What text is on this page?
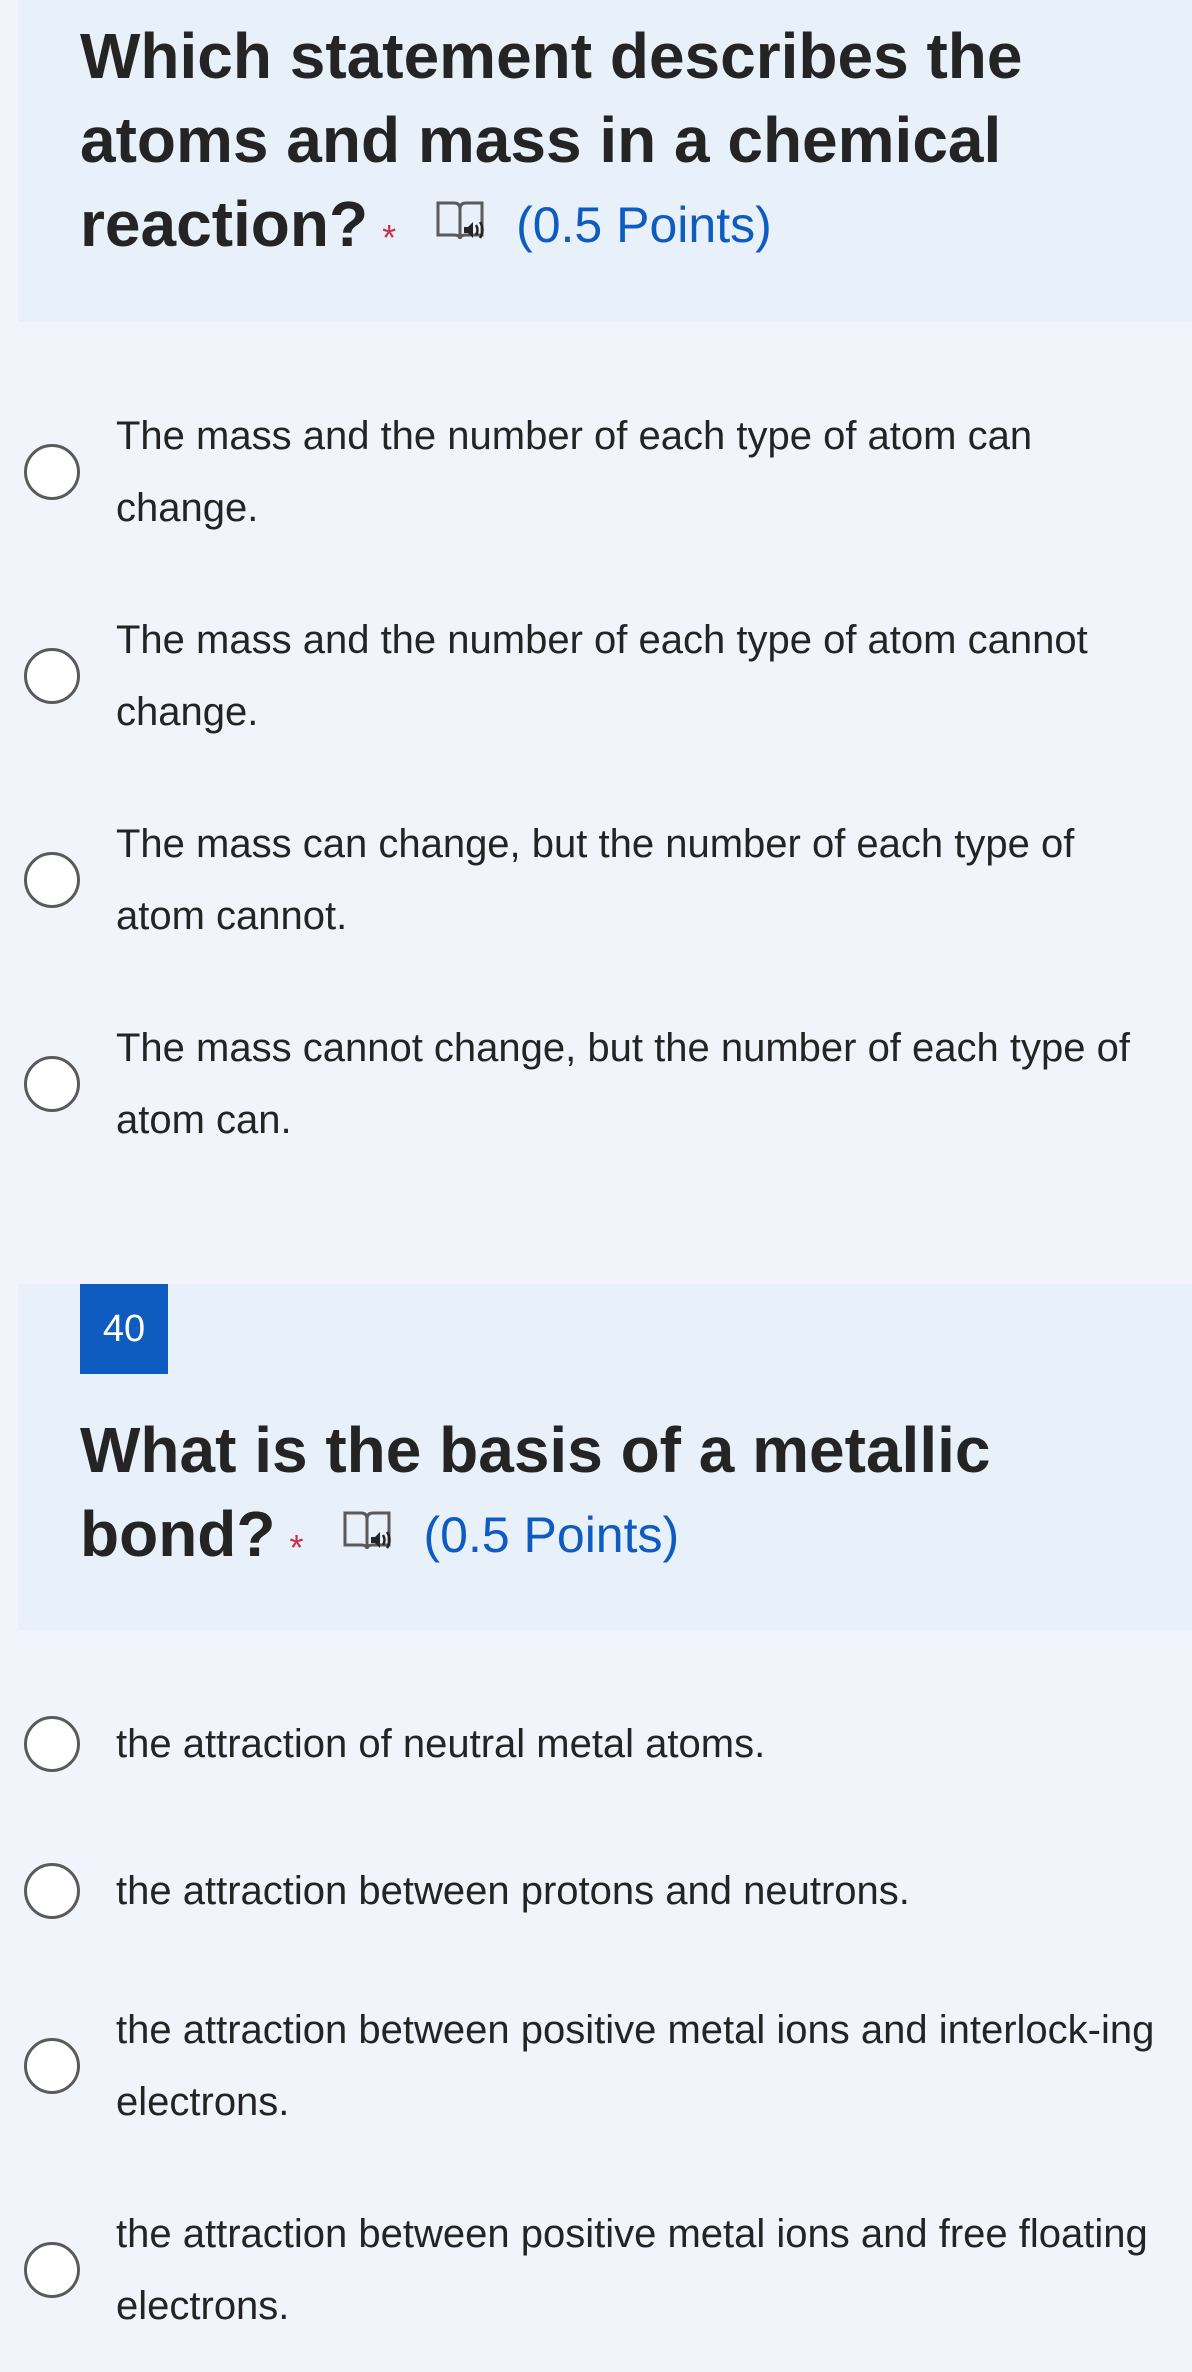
Which statement describes the atoms and mass in a chemical reaction? * (0.5 Points)
The mass and the number of each type of atom can change.
The mass and the number of each type of atom cannot change.
The mass can change, but the number of each type of atom cannot.
The mass cannot change, but the number of each type of atom can.
40
What is the basis of a metallic bond? * (0.5 Points)
the attraction of neutral metal atoms.
the attraction between protons and neutrons.
the attraction between positive metal ions and interlock-ing electrons.
the attraction between positive metal ions and free floating electrons.
